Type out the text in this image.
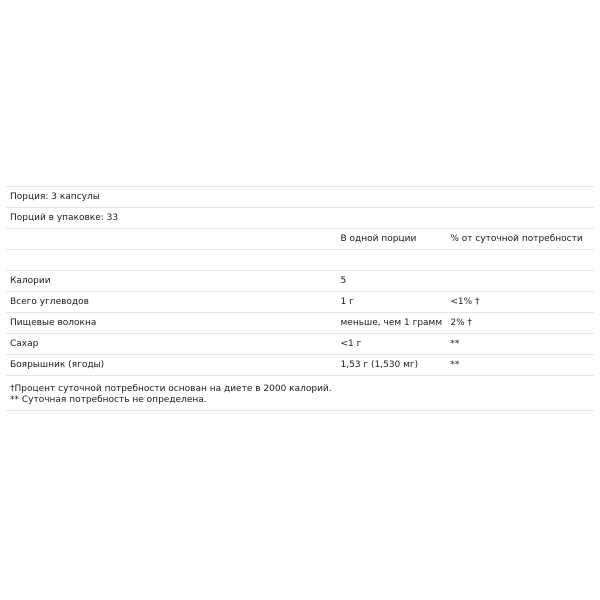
Порция: 3 капсулы		
Порций в упаковке: 33		
	В одной порции	% от суточной потребности

Калории	5	
Всего углеводов	1 г	<1% †
Пищевые волокна	меньше, чем 1 грамм	2% †
Сахар	<1 г	**
Боярышник (ягоды)	1,53 г (1,530 мг)	**
†Процент суточной потребности основан на диете в 2000 калорий.
** Суточная потребность не определена.
